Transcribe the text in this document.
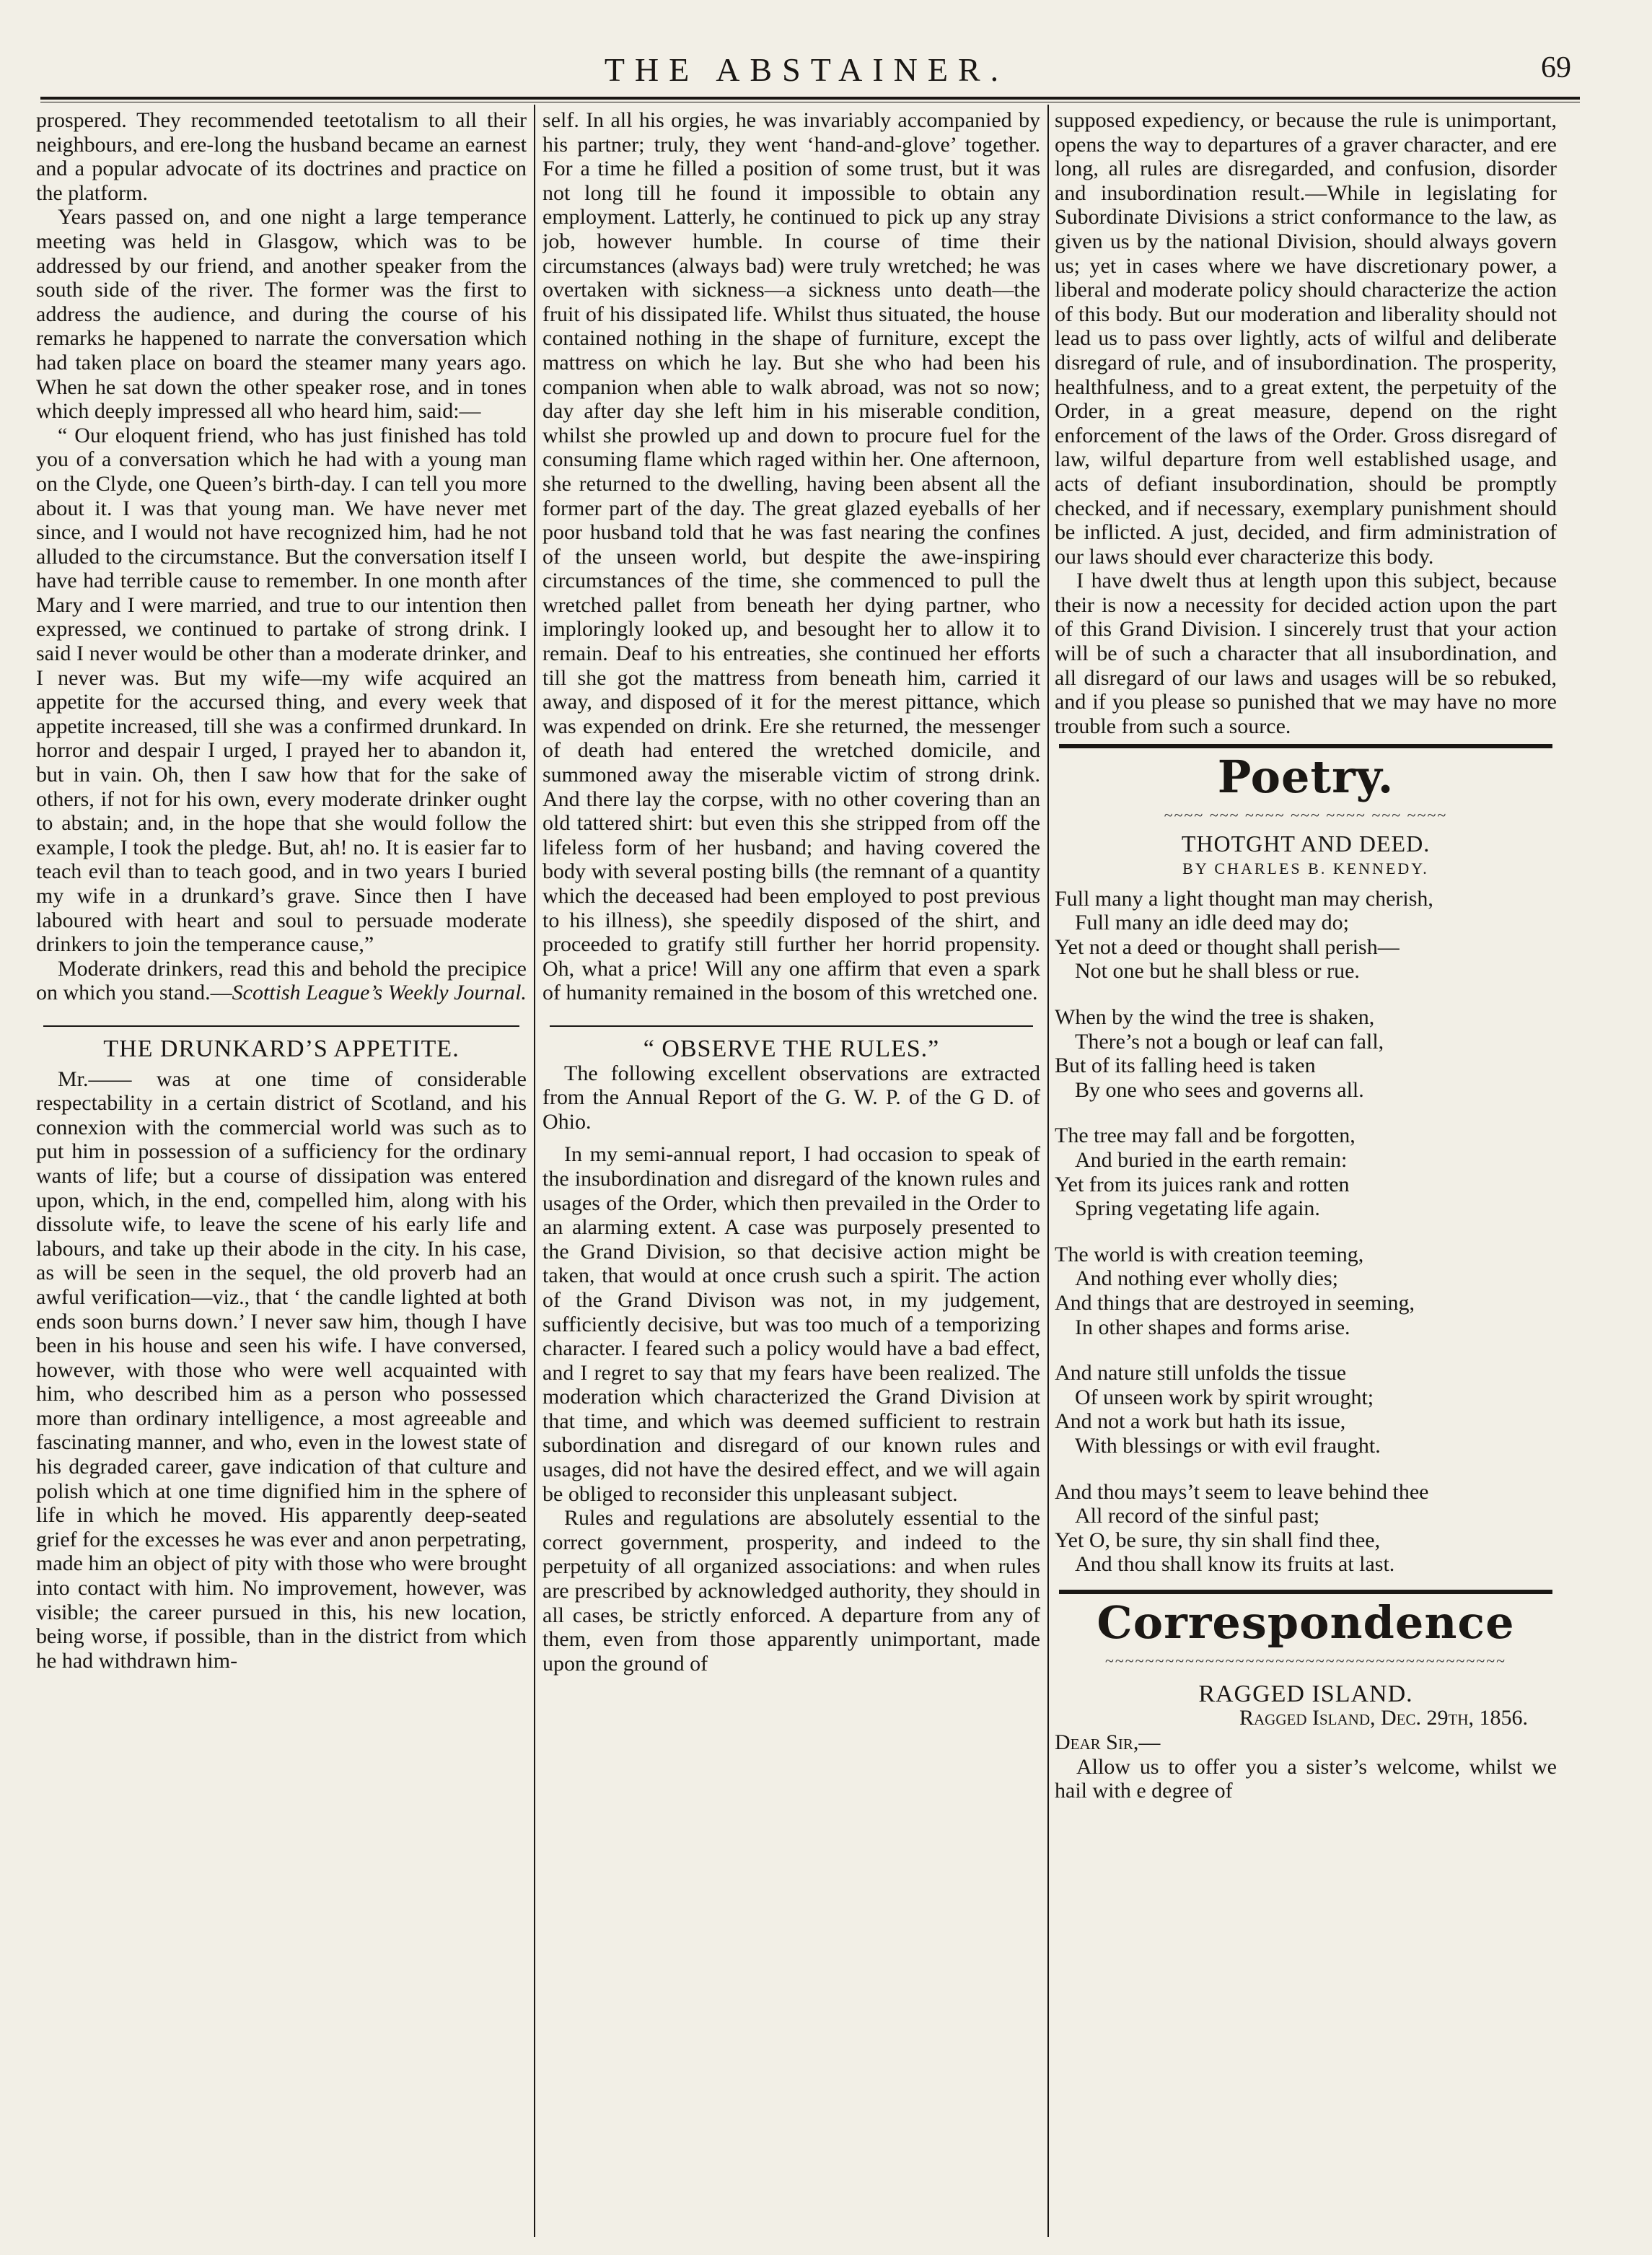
THE ABSTAINER.	69

prospered. They recommended teetotalism to all their neighbours, and ere-long the husband became an earnest and a popular advocate of its doctrines and practice on the platform.

Years passed on, and one night a large temperance meeting was held in Glasgow, which was to be addressed by our friend, and another speaker from the south side of the river. The former was the first to address the audience, and during the course of his remarks he happened to narrate the conversation which had taken place on board the steamer many years ago. When he sat down the other speaker rose, and in tones which deeply impressed all who heard him, said:—

“ Our eloquent friend, who has just finished has told you of a conversation which he had with a young man on the Clyde, one Queen’s birth-day. I can tell you more about it. I was that young man. We have never met since, and I would not have recognized him, had he not alluded to the circumstance. But the conversation itself I have had terrible cause to remember. In one month after Mary and I were married, and true to our intention then expressed, we continued to partake of strong drink. I said I never would be other than a moderate drinker, and I never was. But my wife—my wife acquired an appetite for the accursed thing, and every week that appetite increased, till she was a confirmed drunkard. In horror and despair I urged, I prayed her to abandon it, but in vain. Oh, then I saw how that for the sake of others, if not for his own, every moderate drinker ought to abstain; and, in the hope that she would follow the example, I took the pledge. But, ah! no. It is easier far to teach evil than to teach good, and in two years I buried my wife in a drunkard’s grave. Since then I have laboured with heart and soul to persuade moderate drinkers to join the temperance cause,”

Moderate drinkers, read this and behold the precipice on which you stand.—Scottish League’s Weekly Journal.

THE DRUNKARD’S APPETITE.

Mr.—— was at one time of considerable respectability in a certain district of Scotland, and his connexion with the commercial world was such as to put him in possession of a sufficiency for the ordinary wants of life; but a course of dissipation was entered upon, which, in the end, compelled him, along with his dissolute wife, to leave the scene of his early life and labours, and take up their abode in the city. In his case, as will be seen in the sequel, the old proverb had an awful verification—viz., that ‘ the candle lighted at both ends soon burns down.’ I never saw him, though I have been in his house and seen his wife. I have conversed, however, with those who were well acquainted with him, who described him as a person who possessed more than ordinary intelligence, a most agreeable and fascinating manner, and who, even in the lowest state of his degraded career, gave indication of that culture and polish which at one time dignified him in the sphere of life in which he moved. His apparently deep-seated grief for the excesses he was ever and anon perpetrating, made him an object of pity with those who were brought into contact with him. No improvement, however, was visible; the career pursued in this, his new location, being worse, if possible, than in the district from which he had withdrawn him-

self. In all his orgies, he was invariably accompanied by his partner; truly, they went ‘hand-and-glove’ together. For a time he filled a position of some trust, but it was not long till he found it impossible to obtain any employment. Latterly, he continued to pick up any stray job, however humble. In course of time their circumstances (always bad) were truly wretched; he was overtaken with sickness—a sickness unto death—the fruit of his dissipated life. Whilst thus situated, the house contained nothing in the shape of furniture, except the mattress on which he lay. But she who had been his companion when able to walk abroad, was not so now; day after day she left him in his miserable condition, whilst she prowled up and down to procure fuel for the consuming flame which raged within her. One afternoon, she returned to the dwelling, having been absent all the former part of the day. The great glazed eyeballs of her poor husband told that he was fast nearing the confines of the unseen world, but despite the awe-inspiring circumstances of the time, she commenced to pull the wretched pallet from beneath her dying partner, who imploringly looked up, and besought her to allow it to remain. Deaf to his entreaties, she continued her efforts till she got the mattress from beneath him, carried it away, and disposed of it for the merest pittance, which was expended on drink. Ere she returned, the messenger of death had entered the wretched domicile, and summoned away the miserable victim of strong drink. And there lay the corpse, with no other covering than an old tattered shirt: but even this she stripped from off the lifeless form of her husband; and having covered the body with several posting bills (the remnant of a quantity which the deceased had been employed to post previous to his illness), she speedily disposed of the shirt, and proceeded to gratify still further her horrid propensity. Oh, what a price! Will any one affirm that even a spark of humanity remained in the bosom of this wretched one.

“ OBSERVE THE RULES.”

The following excellent observations are extracted from the Annual Report of the G. W. P. of the G D. of Ohio.

In my semi-annual report, I had occasion to speak of the insubordination and disregard of the known rules and usages of the Order, which then prevailed in the Order to an alarming extent. A case was purposely presented to the Grand Division, so that decisive action might be taken, that would at once crush such a spirit. The action of the Grand Divison was not, in my judgement, sufficiently decisive, but was too much of a temporizing character. I feared such a policy would have a bad effect, and I regret to say that my fears have been realized. The moderation which characterized the Grand Division at that time, and which was deemed sufficient to restrain subordination and disregard of our known rules and usages, did not have the desired effect, and we will again be obliged to reconsider this unpleasant subject.

Rules and regulations are absolutely essential to the correct government, prosperity, and indeed to the perpetuity of all organized associations: and when rules are prescribed by acknowledged authority, they should in all cases, be strictly enforced. A departure from any of them, even from those apparently unimportant, made upon the ground of

supposed expediency, or because the rule is unimportant, opens the way to departures of a graver character, and ere long, all rules are disregarded, and confusion, disorder and insubordination result.—While in legislating for Subordinate Divisions a strict conformance to the law, as given us by the national Division, should always govern us; yet in cases where we have discretionary power, a liberal and moderate policy should characterize the action of this body. But our moderation and liberality should not lead us to pass over lightly, acts of wilful and deliberate disregard of rule, and of insubordination. The prosperity, healthfulness, and to a great extent, the perpetuity of the Order, in a great measure, depend on the right enforcement of the laws of the Order. Gross disregard of law, wilful departure from well established usage, and acts of defiant insubordination, should be promptly checked, and if necessary, exemplary punishment should be inflicted. A just, decided, and firm administration of our laws should ever characterize this body.

I have dwelt thus at length upon this subject, because their is now a necessity for decided action upon the part of this Grand Division. I sincerely trust that your action will be of such a character that all insubordination, and all disregard of our laws and usages will be so rebuked, and if you please so punished that we may have no more trouble from such a source.

Poetry.
~~~~ ~~~ ~~~~ ~~~ ~~~~ ~~~ ~~~~
THOTGHT AND DEED.
BY CHARLES B. KENNEDY.
Full many a light thought man may cherish,
Full many an idle deed may do;
Yet not a deed or thought shall perish—
Not one but he shall bless or rue.
When by the wind the tree is shaken,
There’s not a bough or leaf can fall,
But of its falling heed is taken
By one who sees and governs all.
The tree may fall and be forgotten,
And buried in the earth remain:
Yet from its juices rank and rotten
Spring vegetating life again.
The world is with creation teeming,
And nothing ever wholly dies;
And things that are destroyed in seeming,
In other shapes and forms arise.
And nature still unfolds the tissue
Of unseen work by spirit wrought;
And not a work but hath its issue,
With blessings or with evil fraught.
And thou mays’t seem to leave behind thee
All record of the sinful past;
Yet O, be sure, thy sin shall find thee,
And thou shall know its fruits at last.
Correspondence
~~~~~~~~~~~~~~~~~~~~~~~~~~~~~~~~~~~~~~~~
RAGGED ISLAND.

Ragged Island, Dec. 29th, 1856.

Dear Sir,—

Allow us to offer you a sister’s welcome, whilst we hail with e degree of
